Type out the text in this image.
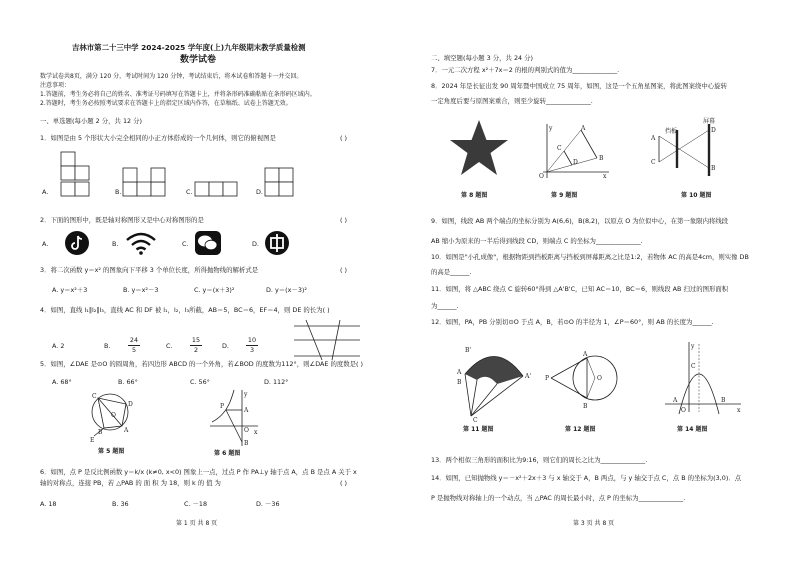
吉林市第二十三中学 2024-2025 学年度(上)九年级期末教学质量检测
数学试卷
数学试卷共8页，满分 120 分，考试时间为 120 分钟，考试结束后，将本试卷和答题卡一并交回。
注意事项：
1.答题前，考生务必将自己的姓名、准考证号码填写在答题卡上，并将条形码准确粘贴在条形码区域内。
2.答题时，考生务必按照考试要求在答题卡上的指定区域内作答，在草稿纸、试卷上答题无效。
一、单选题(每小题 2 分，共 12 分)
1．如图是由 5 个形状大小完全相同的小正方体搭成的一个几何体，则它的俯视图是	( )
A.	B.	C.	D.
2．下面的图形中，既是轴对称图形又是中心对称图形的是	( )
A.	B.	C.	D.
3．将二次函数 y＝x² 的图象向下平移 3 个单位长度，所得抛物线的解析式是	( )
A. y＝x²＋3	B. y＝x²－3	C. y＝(x＋3)²	D. y＝(x－3)²
4．如图，直线 l₁∥l₂∥l₃，直线 AC 和 DF 被 l₁，l₂，l₃所截，AB＝5，BC＝6，EF＝4，则 DE 的长为( )
A. 2	B.	C.	D.
24
5
15
2
10
3
5．如图，∠DAE 是⊙O 的圆周角，若四边形 ABCD 的一个外角，若∠BOD 的度数为112°，则∠DAE 的度数是( )
A. 68°	B. 66°	C. 56°	D. 112°
C
D
O
A
B
E
第 5 题图
P
A
O
B
x
y
第 6 题图
6．如图，点 P 是反比例函数 y＝k/x (k≠0, x<0) 图象上一点，过点 P 作 PA⊥y 轴于点 A，点 B 是点 A 关于 x
轴的对称点，连接 PB，若 △PAB 的 面 积 为 18，则 k 的 值 为	( )
A. 18	B. 36	C. －18	D. －36
第 1 页 共 8 页
二、填空题(每小题 3 分，共 24 分)
7．一元二次方程 x²＋7x＝2 的根的判别式的值为______________.
8．2024 年是长征出发 90 周年暨中国成立 75 周年，如图，这是一个五角星图案，将此图案绕中心旋转
一定角度后要与原图案重合，则至少旋转______________.
第 8 题图
A
B
C
D
O	x
y
第 9 题图
A
C
D
B
挡板
屏幕
第 10 题图
9．如图，线段 AB 两个端点的坐标分别为 A(6,6)，B(8,2)，以原点 O 为位似中心，在第一象限内将线段
AB 缩小为原来的一半后得到线段 CD，则端点 C 的坐标为______________.
10．如图是"小孔成像"，根据物距到挡板距离与挡板到屏幕距离之比是1:2，若物体 AC 的高是4cm，则实像 DB
的高是______.
11．如图，将 △ABC 绕点 C 旋转60°得到 △A'B'C，已知 AC＝10，BC＝6，则线段 AB 扫过的图形面积
为______.
12．如图，PA，PB 分别切⊙O 于点 A，B，若⊙O 的半径为 1，∠P＝60°，则 AB 的长度为______.
B'
A
B
A'
C
第 11 题图
P
A
B
O
第 12 题图
O
A	B
x
y
C
第 14 题图
13．两个相似三角形的面积比为9:16，则它们的周长之比为______________.
14．如图，已知抛物线 y＝－x²＋2x＋3 与 x 轴交于 A，B 两点，与 y 轴交于点 C，点 B 的坐标为(3,0)．点
P 是抛物线对称轴上的一个动点，当 △PAC 的周长最小时，点 P 的坐标为______________.
第 3 页 共 8 页
